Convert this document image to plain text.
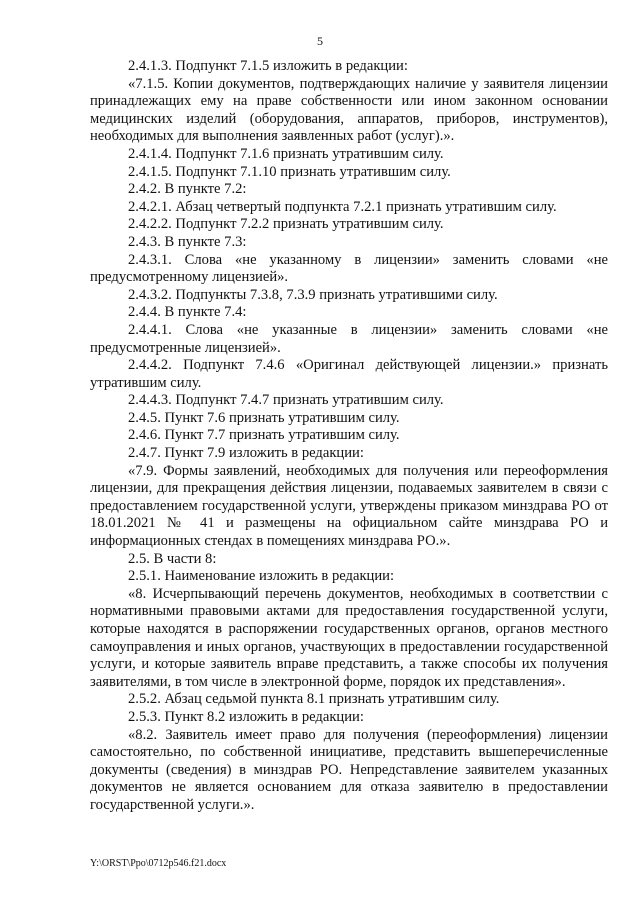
5

2.4.1.3. Подпункт 7.1.5 изложить в редакции:

«7.1.5. Копии документов, подтверждающих наличие у заявителя лицензии принадлежащих ему на праве собственности или ином законном основании медицинских изделий (оборудования, аппаратов, приборов, инструментов), необходимых для выполнения заявленных работ (услуг).».

2.4.1.4. Подпункт 7.1.6 признать утратившим силу.

2.4.1.5. Подпункт 7.1.10 признать утратившим силу.

2.4.2. В пункте 7.2:

2.4.2.1. Абзац четвертый подпункта 7.2.1 признать утратившим силу.

2.4.2.2. Подпункт 7.2.2 признать утратившим силу.

2.4.3. В пункте 7.3:

2.4.3.1. Слова «не указанному в лицензии» заменить словами «не предусмотренному лицензией».

2.4.3.2. Подпункты 7.3.8, 7.3.9 признать утратившими силу.

2.4.4. В пункте 7.4:

2.4.4.1. Слова «не указанные в лицензии» заменить словами «не предусмотренные лицензией».

2.4.4.2. Подпункт 7.4.6 «Оригинал действующей лицензии.» признать утратившим силу.

2.4.4.3. Подпункт 7.4.7 признать утратившим силу.

2.4.5. Пункт 7.6 признать утратившим силу.

2.4.6. Пункт 7.7 признать утратившим силу.

2.4.7. Пункт 7.9 изложить в редакции:

«7.9. Формы заявлений, необходимых для получения или переоформления лицензии, для прекращения действия лицензии, подаваемых заявителем в связи с предоставлением государственной услуги, утверждены приказом минздрава РО от 18.01.2021 № 41 и размещены на официальном сайте минздрава РО и информационных стендах в помещениях минздрава РО.».

2.5. В части 8:

2.5.1. Наименование изложить в редакции:

«8. Исчерпывающий перечень документов, необходимых в соответствии с нормативными правовыми актами для предоставления государственной услуги, которые находятся в распоряжении государственных органов, органов местного самоуправления и иных органов, участвующих в предоставлении государственной услуги, и которые заявитель вправе представить, а также способы их получения заявителями, в том числе в электронной форме, порядок их представления».

2.5.2. Абзац седьмой пункта 8.1 признать утратившим силу.

2.5.3. Пункт 8.2 изложить в редакции:

«8.2. Заявитель имеет право для получения (переоформления) лицензии самостоятельно, по собственной инициативе, представить вышеперечисленные документы (сведения) в минздрав РО. Непредставление заявителем указанных документов не является основанием для отказа заявителю в предоставлении государственной услуги.».

Y:\ORST\Ppo\0712p546.f21.docx
